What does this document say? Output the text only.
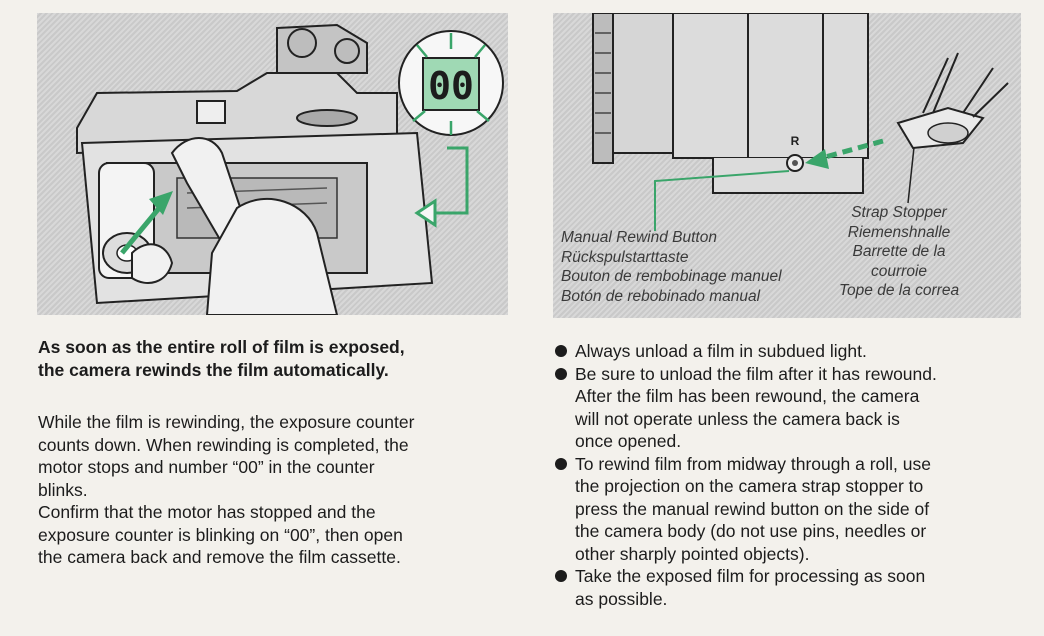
00
R
Manual Rewind Button
Rückspulstarttaste
Bouton de rembobinage manuel
Botón de rebobinado manual
Strap Stopper
Riemenshnalle
Barrette de la
courroie
Tope de la correa

As soon as the entire roll of film is exposed,
the camera rewinds the film automatically.

While the film is rewinding, the exposure counter
counts down. When rewinding is completed, the
motor stops and number “00” in the counter
blinks.

Confirm that the motor has stopped and the
exposure counter is blinking on “00”, then open
the camera back and remove the film cassette.

Always unload a film in subdued light.
Be sure to unload the film after it has rewound.
After the film has been rewound, the camera
will not operate unless the camera back is
once opened.
To rewind film from midway through a roll, use
the projection on the camera strap stopper to
press the manual rewind button on the side of
the camera body (do not use pins, needles or
other sharply pointed objects).
Take the exposed film for processing as soon
as possible.
